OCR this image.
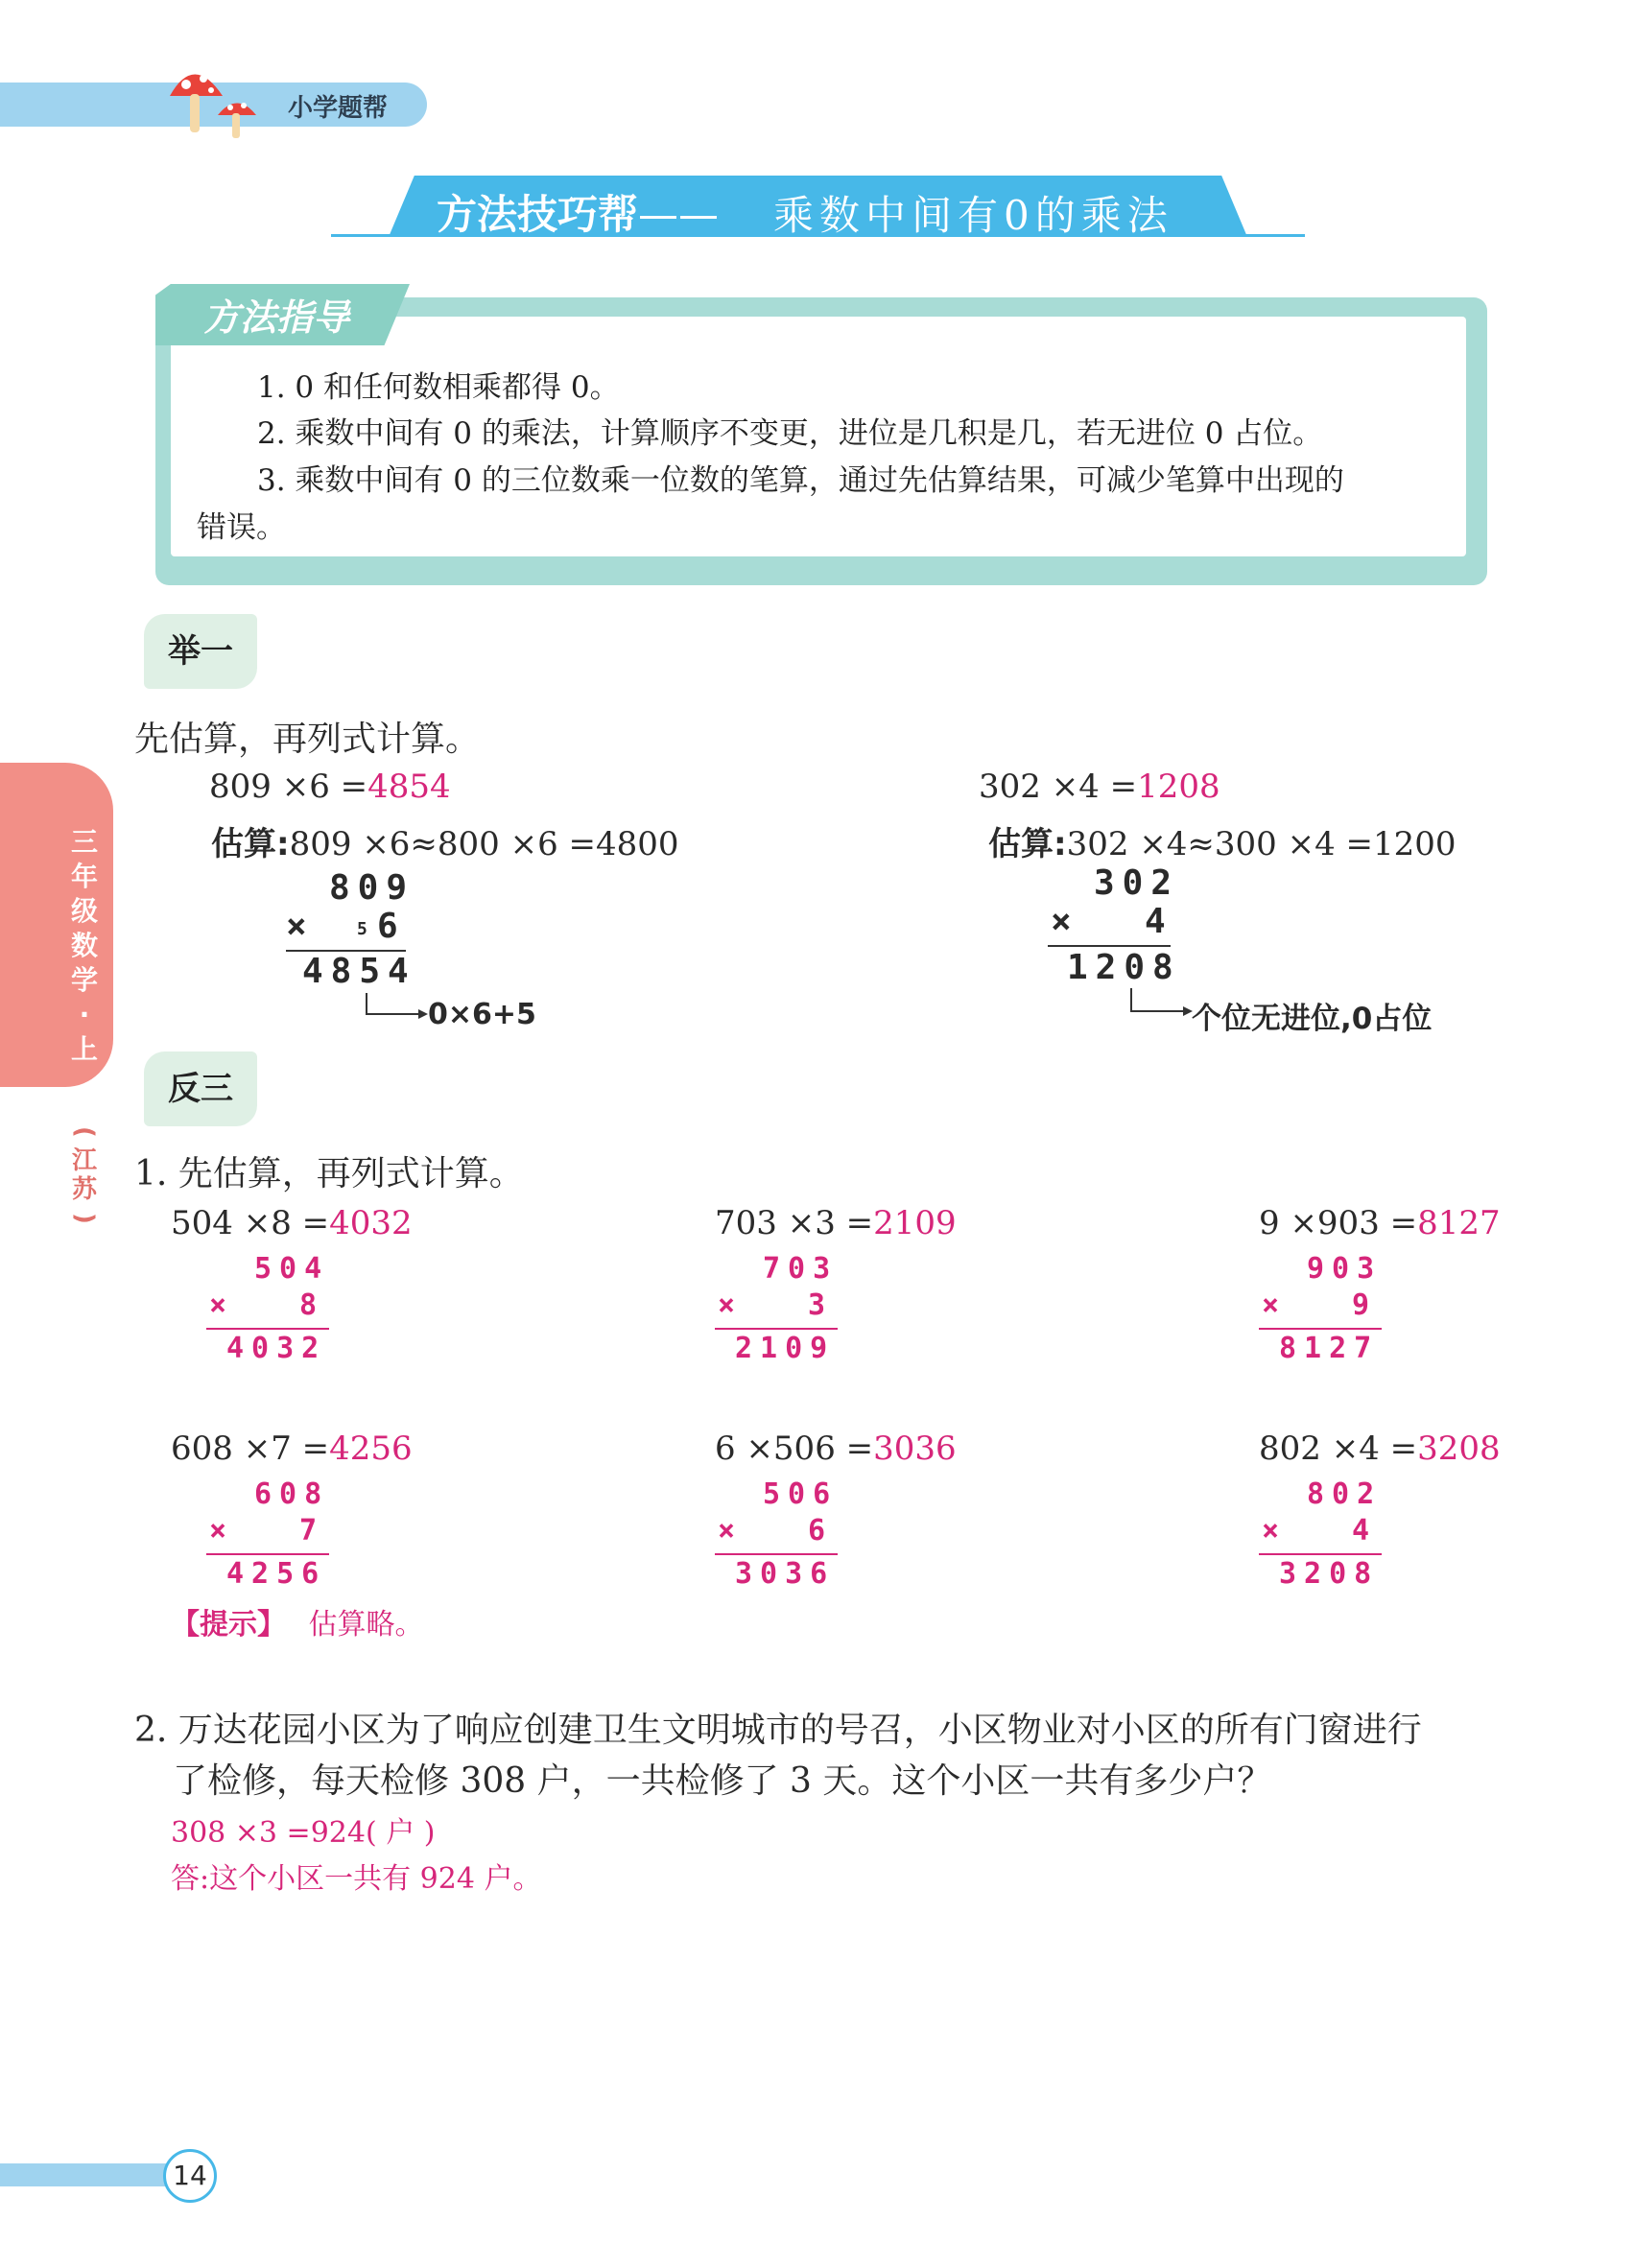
小学题帮
方法技巧帮—— 乘数中间有0的乘法
方法指导
1. 0 和任何数相乘都得 0。
2. 乘数中间有 0 的乘法，计算顺序不变更，进位是几积是几，若无进位 0 占位。
3. 乘数中间有 0 的三位数乘一位数的笔算，通过先估算结果，可减少笔算中出现的
错误。
举一
先估算，再列式计算。
809 ×6 =4854
估算:809 ×6≈800 ×6 =4800
809
× 5 6
4854
0×6+5
302 ×4 =1208
估算:302 ×4≈300 ×4 =1200
302
× 4
1208
个位无进位,0占位
反三
1. 先估算，再列式计算。
504 ×8 =4032
504
× 8
4032
703 ×3 =2109
703
× 3
2109
9 ×903 =8127
903
× 9
8127
608 ×7 =4256
608
× 7
4256
6 ×506 =3036
506
× 6
3036
802 ×4 =3208
802
× 4
3208
【提示】 估算略。
2. 万达花园小区为了响应创建卫生文明城市的号召，小区物业对小区的所有门窗进行
了检修，每天检修 308 户，一共检修了 3 天。这个小区一共有多少户？
308 ×3 =924( 户 )
答:这个小区一共有 924 户。
三
年
级
数
学
·
上
(
江
苏
)
14
